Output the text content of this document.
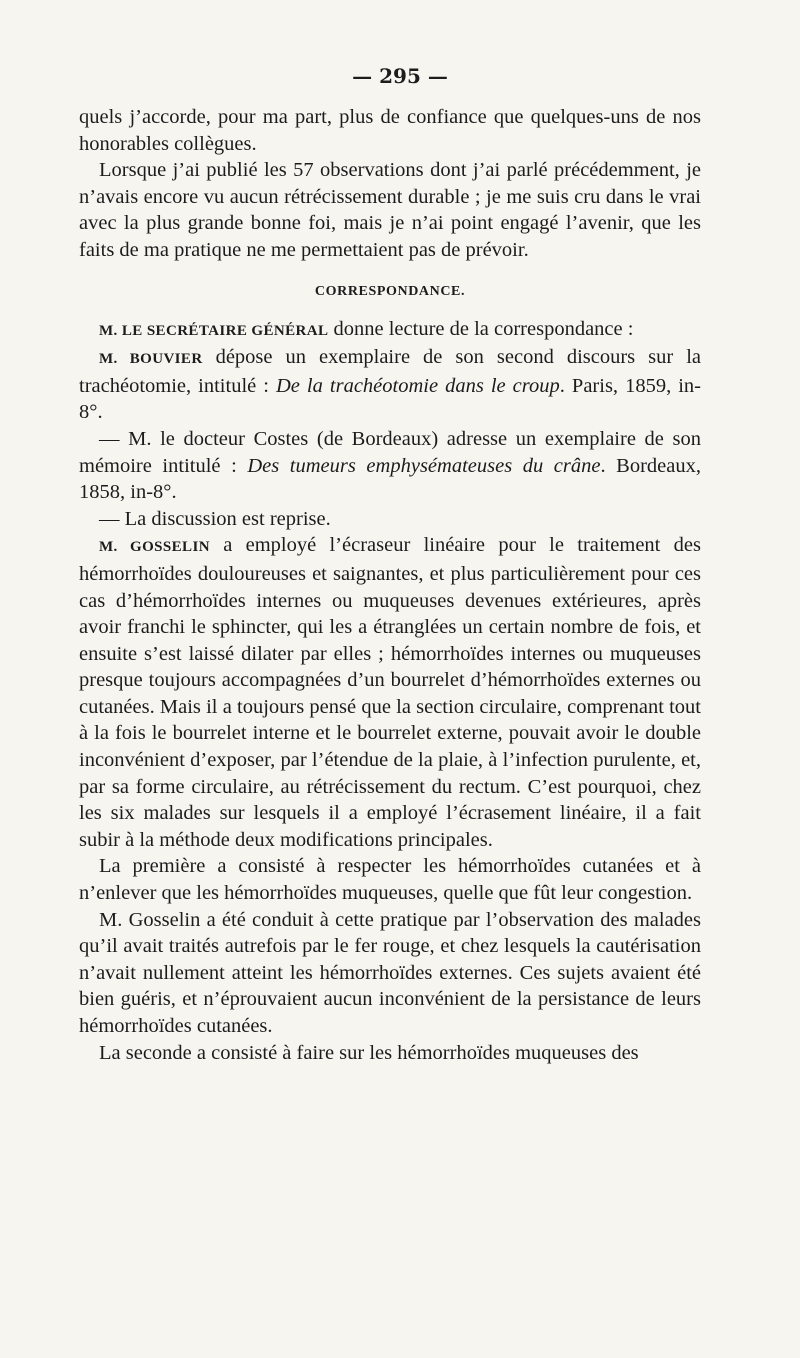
— 295 —

quels j’accorde, pour ma part, plus de confiance que quelques-uns de nos honorables collègues.

Lorsque j’ai publié les 57 observations dont j’ai parlé précédemment, je n’avais encore vu aucun rétrécissement durable ; je me suis cru dans le vrai avec la plus grande bonne foi, mais je n’ai point engagé l’avenir, que les faits de ma pratique ne me permettaient pas de prévoir.

CORRESPONDANCE.

M. LE SECRÉTAIRE GÉNÉRAL donne lecture de la correspondance :

M. BOUVIER dépose un exemplaire de son second discours sur la trachéotomie, intitulé : De la trachéotomie dans le croup. Paris, 1859, in-8°.

— M. le docteur Costes (de Bordeaux) adresse un exemplaire de son mémoire intitulé : Des tumeurs emphysémateuses du crâne. Bordeaux, 1858, in-8°.

— La discussion est reprise.

M. GOSSELIN a employé l’écraseur linéaire pour le traitement des hémorrhoïdes douloureuses et saignantes, et plus particulièrement pour ces cas d’hémorrhoïdes internes ou muqueuses devenues extérieures, après avoir franchi le sphincter, qui les a étranglées un certain nombre de fois, et ensuite s’est laissé dilater par elles ; hémorrhoïdes internes ou muqueuses presque toujours accompagnées d’un bourrelet d’hémorrhoïdes externes ou cutanées. Mais il a toujours pensé que la section circulaire, comprenant tout à la fois le bourrelet interne et le bourrelet externe, pouvait avoir le double inconvénient d’exposer, par l’étendue de la plaie, à l’infection purulente, et, par sa forme circulaire, au rétrécissement du rectum. C’est pourquoi, chez les six malades sur lesquels il a employé l’écrasement linéaire, il a fait subir à la méthode deux modifications principales.

La première a consisté à respecter les hémorrhoïdes cutanées et à n’enlever que les hémorrhoïdes muqueuses, quelle que fût leur congestion.

M. Gosselin a été conduit à cette pratique par l’observation des malades qu’il avait traités autrefois par le fer rouge, et chez lesquels la cautérisation n’avait nullement atteint les hémorrhoïdes externes. Ces sujets avaient été bien guéris, et n’éprouvaient aucun inconvénient de la persistance de leurs hémorrhoïdes cutanées.

La seconde a consisté à faire sur les hémorrhoïdes muqueuses des
